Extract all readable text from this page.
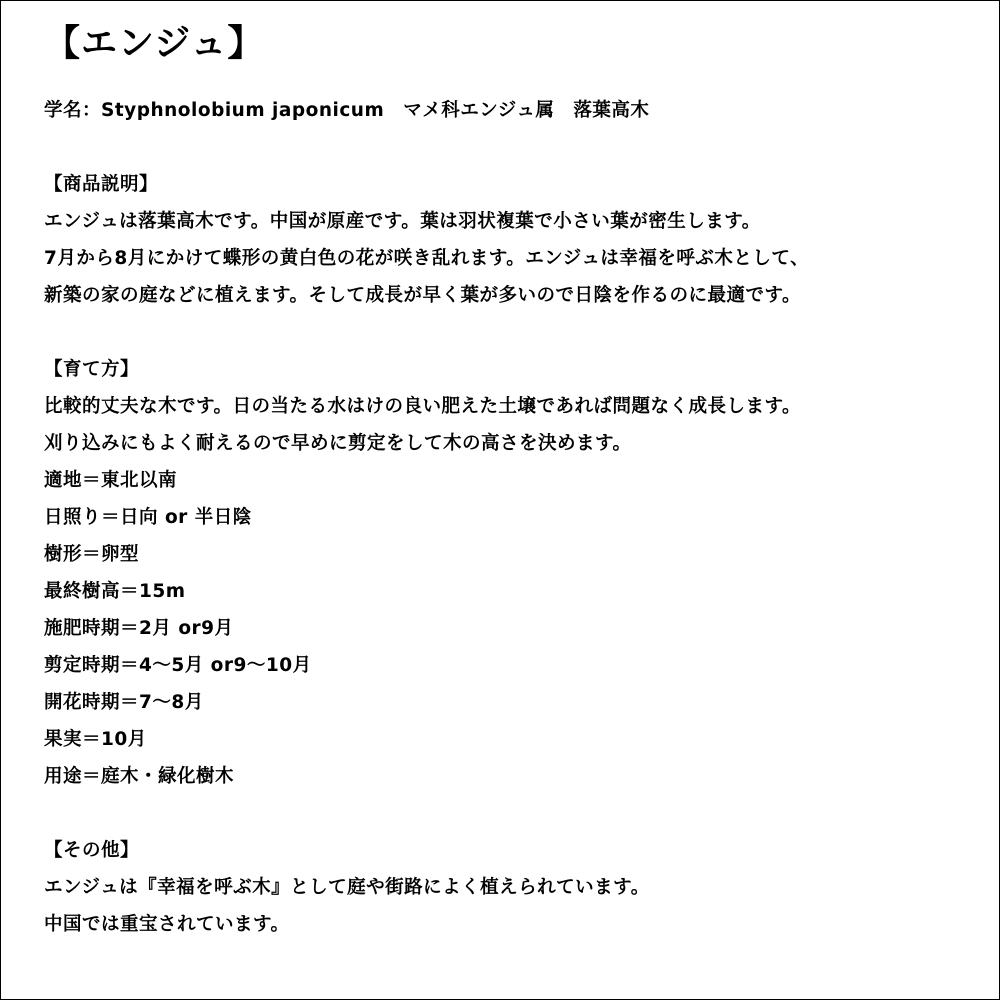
【エンジュ】
学名：Styphnolobium japonicum　マメ科エンジュ属　落葉高木
【商品説明】
エンジュは落葉高木です。中国が原産です。葉は羽状複葉で小さい葉が密生します。
7月から8月にかけて蝶形の黄白色の花が咲き乱れます。エンジュは幸福を呼ぶ木として、
新築の家の庭などに植えます。そして成長が早く葉が多いので日陰を作るのに最適です。
【育て方】
比較的丈夫な木です。日の当たる水はけの良い肥えた土壌であれば問題なく成長します。
刈り込みにもよく耐えるので早めに剪定をして木の高さを決めます。
適地＝東北以南
日照り＝日向 or 半日陰
樹形＝卵型
最終樹高＝15m
施肥時期＝2月 or9月
剪定時期＝4～5月 or9～10月
開花時期＝7～8月
果実＝10月
用途＝庭木・緑化樹木
【その他】
エンジュは『幸福を呼ぶ木』として庭や街路によく植えられています。
中国では重宝されています。
